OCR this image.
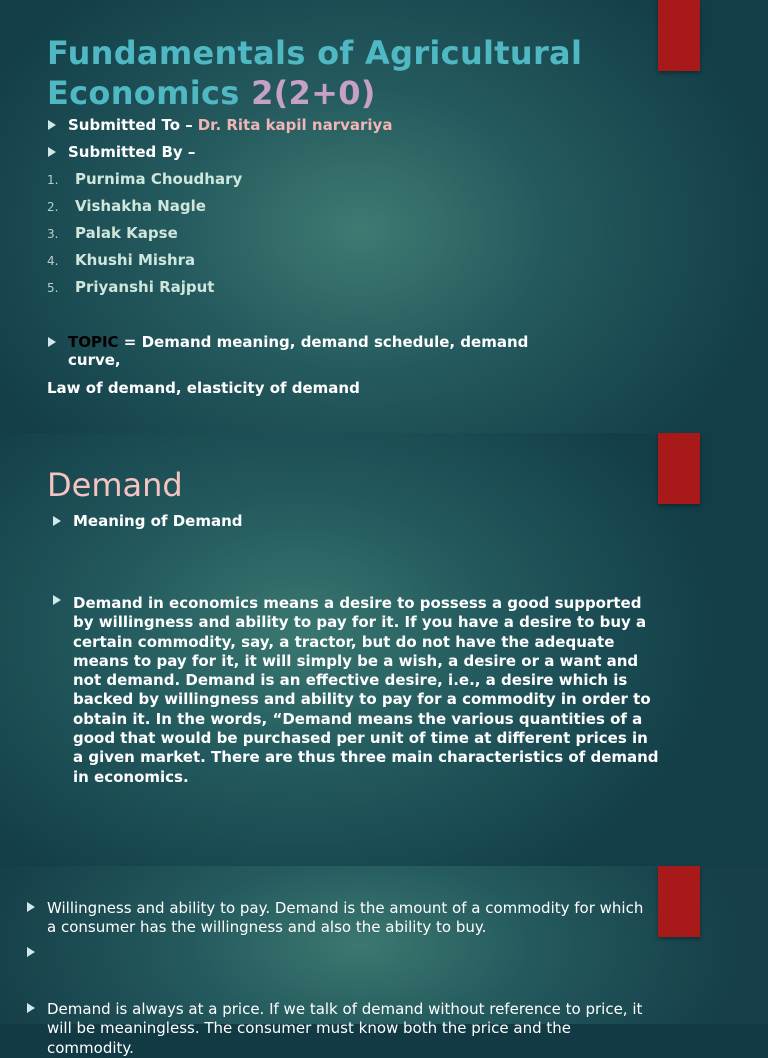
Fundamentals of Agricultural Economics 2(2+0)
Submitted To – Dr. Rita kapil narvariya
Submitted By –
1.	Purnima Choudhary
2.	Vishakha Nagle
3.	Palak Kapse
4.	Khushi Mishra
5.	Priyanshi Rajput
TOPIC = Demand meaning, demand schedule, demand curve,
Law of demand, elasticity of demand
Demand
Meaning of Demand

Demand in economics means a desire to possess a good supported by willingness and ability to pay for it. If you have a desire to buy a certain commodity, say, a tractor, but do not have the adequate means to pay for it, it will simply be a wish, a desire or a want and not demand. Demand is an effective desire, i.e., a desire which is backed by willingness and ability to pay for a commodity in order to obtain it. In the words, “Demand means the various quantities of a good that would be purchased per unit of time at different prices in a given market. There are thus three main characteristics of demand in economics.

Willingness and ability to pay. Demand is the amount of a commodity for which a consumer has the willingness and also the ability to buy.

Demand is always at a price. If we talk of demand without reference to price, it will be meaningless. The consumer must know both the price and the commodity.
